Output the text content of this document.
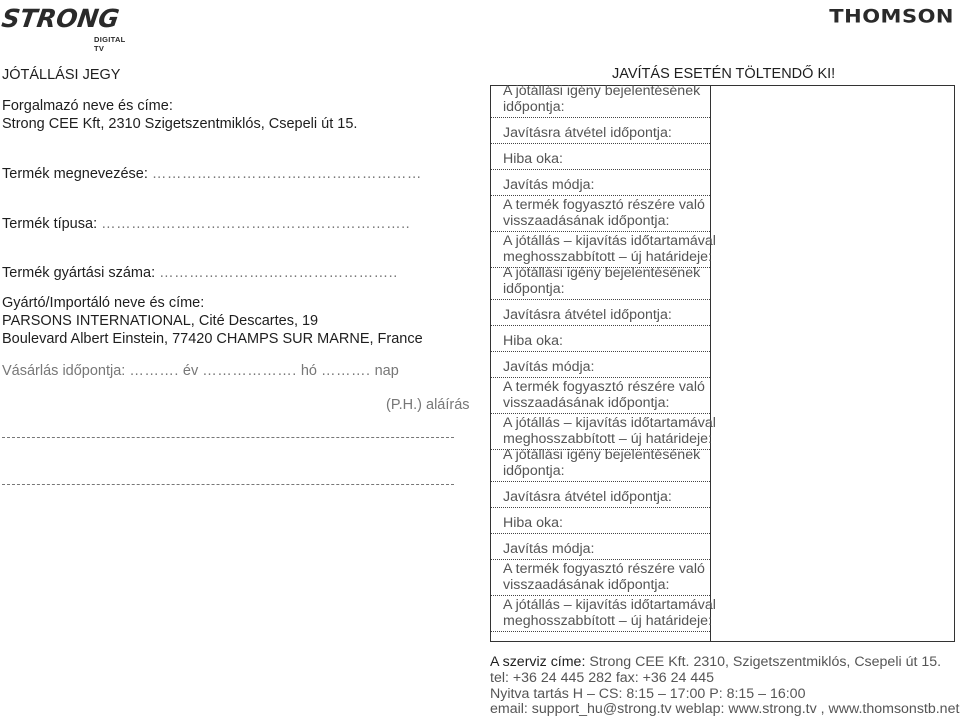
STRONG
DIGITAL TV
THOMSON
JÓTÁLLÁSI JEGY
Forgalmazó neve és címe:
Strong CEE Kft, 2310 Szigetszentmiklós, Csepeli út 15.
Termék megnevezése: ………………………………………………
Termék típusa: ……………………………………………………..
Termék gyártási száma: ………………….……………………..
Gyártó/Importáló neve és címe:
PARSONS INTERNATIONAL, Cité Descartes, 19
Boulevard Albert Einstein, 77420 CHAMPS SUR MARNE, France
Vásárlás időpontja: ………. év ………………. hó ………. nap
(P.H.) aláírás
JAVÍTÁS ESETÉN TÖLTENDŐ KI!
A jótállási igény bejelentésének
időpontja:
Javításra átvétel időpontja:
Hiba oka:
Javítás módja:
A termék fogyasztó részére való
visszaadásának időpontja:
A jótállás – kijavítás időtartamával
meghosszabbított – új határideje:
A jótállási igény bejelentésének
időpontja:
Javításra átvétel időpontja:
Hiba oka:
Javítás módja:
A termék fogyasztó részére való
visszaadásának időpontja:
A jótállás – kijavítás időtartamával
meghosszabbított – új határideje:
A jótállási igény bejelentésének
időpontja:
Javításra átvétel időpontja:
Hiba oka:
Javítás módja:
A termék fogyasztó részére való
visszaadásának időpontja:
A jótállás – kijavítás időtartamával
meghosszabbított – új határideje:
A szerviz címe: Strong CEE Kft. 2310, Szigetszentmiklós, Csepeli út 15.
tel: +36 24 445 282 fax: +36 24 445
Nyitva tartás H – CS: 8:15 – 17:00 P: 8:15 – 16:00
email: support_hu@strong.tv weblap: www.strong.tv , www.thomsonstb.net
